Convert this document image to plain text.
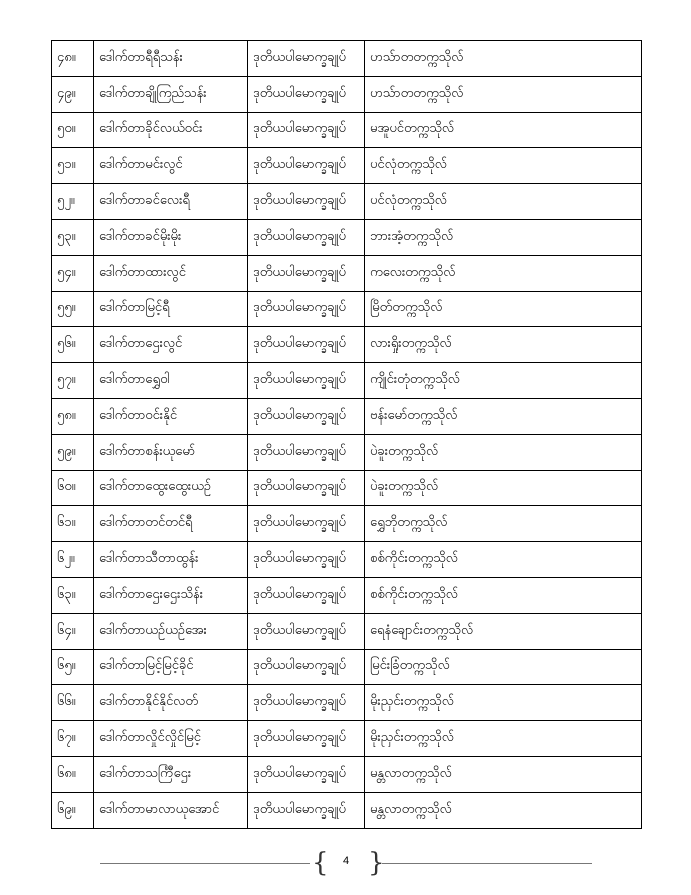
၄၈။	ဒေါက်တာရီရီသန်း	ဒုတိယပါမောက္ခချုပ်	ဟသ်ာတတက္ကသိုလ်
၄၉။	ဒေါက်တာချိုကြည်သန်း	ဒုတိယပါမောက္ခချုပ်	ဟသ်ာတတက္ကသိုလ်
၅၀။	ဒေါက်တာခိုင်လယ်ဝင်း	ဒုတိယပါမောက္ခချုပ်	မအူပင်တက္ကသိုလ်
၅၁။	ဒေါက်တာမင်းလွင်	ဒုတိယပါမောက္ခချုပ်	ပင်လုံတက္ကသိုလ်
၅၂။	ဒေါက်တာခင်လေးရီ	ဒုတိယပါမောက္ခချုပ်	ပင်လုံတက္ကသိုလ်
၅၃။	ဒေါက်တာခင်မိုးမိုး	ဒုတိယပါမောက္ခချုပ်	ဘားအံ့တက္ကသိုလ်
၅၄။	ဒေါက်တာထားလွင်	ဒုတိယပါမောက္ခချုပ်	ကလေးတက္ကသိုလ်
၅၅။	ဒေါက်တာမြင့်ရီ	ဒုတိယပါမောက္ခချုပ်	မြိတ်တက္ကသိုလ်
၅၆။	ဒေါက်တာဌေးလွင်	ဒုတိယပါမောက္ခချုပ်	လားရှိုးတက္ကသိုလ်
၅၇။	ဒေါက်တာရွှေဝါ	ဒုတိယပါမောက္ခချုပ်	ကျိုင်းတုံတက္ကသိုလ်
၅၈။	ဒေါက်တာဝင်းနိုင်	ဒုတိယပါမောက္ခချုပ်	ဗန်းမော်တက္ကသိုလ်
၅၉။	ဒေါက်တာစန်းယုမော်	ဒုတိယပါမောက္ခချုပ်	ပဲခူးတက္ကသိုလ်
၆၀။	ဒေါက်တာထွေးထွေးယဉ်	ဒုတိယပါမောက္ခချုပ်	ပဲခူးတက္ကသိုလ်
၆၁။	ဒေါက်တာတင်တင်ရီ	ဒုတိယပါမောက္ခချုပ်	ရွှေဘိုတက္ကသိုလ်
၆၂။	ဒေါက်တာသီတာထွန်း	ဒုတိယပါမောက္ခချုပ်	စစ်ကိုင်းတက္ကသိုလ်
၆၃။	ဒေါက်တာဌေးဌေးသိန်း	ဒုတိယပါမောက္ခချုပ်	စစ်ကိုင်းတက္ကသိုလ်
၆၄။	ဒေါက်တာယဉ်ယဉ်အေး	ဒုတိယပါမောက္ခချုပ်	ရေနံချောင်းတက္ကသိုလ်
၆၅။	ဒေါက်တာမြင့်မြင့်ခိုင်	ဒုတိယပါမောက္ခချုပ်	မြင်းခြံတက္ကသိုလ်
၆၆။	ဒေါက်တာနိုင်နိုင်လတ်	ဒုတိယပါမောက္ခချုပ်	မိုးညှင်းတက္ကသိုလ်
၆၇။	ဒေါက်တာလှိုင်လှိုင်မြင့်	ဒုတိယပါမောက္ခချုပ်	မိုးညှင်းတက္ကသိုလ်
၆၈။	ဒေါက်တာသင်္ကြီဌေး	ဒုတိယပါမောက္ခချုပ်	မန္တလာတက္ကသိုလ်
၆၉။	ဒေါက်တာမာလာယုအောင်	ဒုတိယပါမောက္ခချုပ်	မန္တလာတက္ကသိုလ်
{	4 }
